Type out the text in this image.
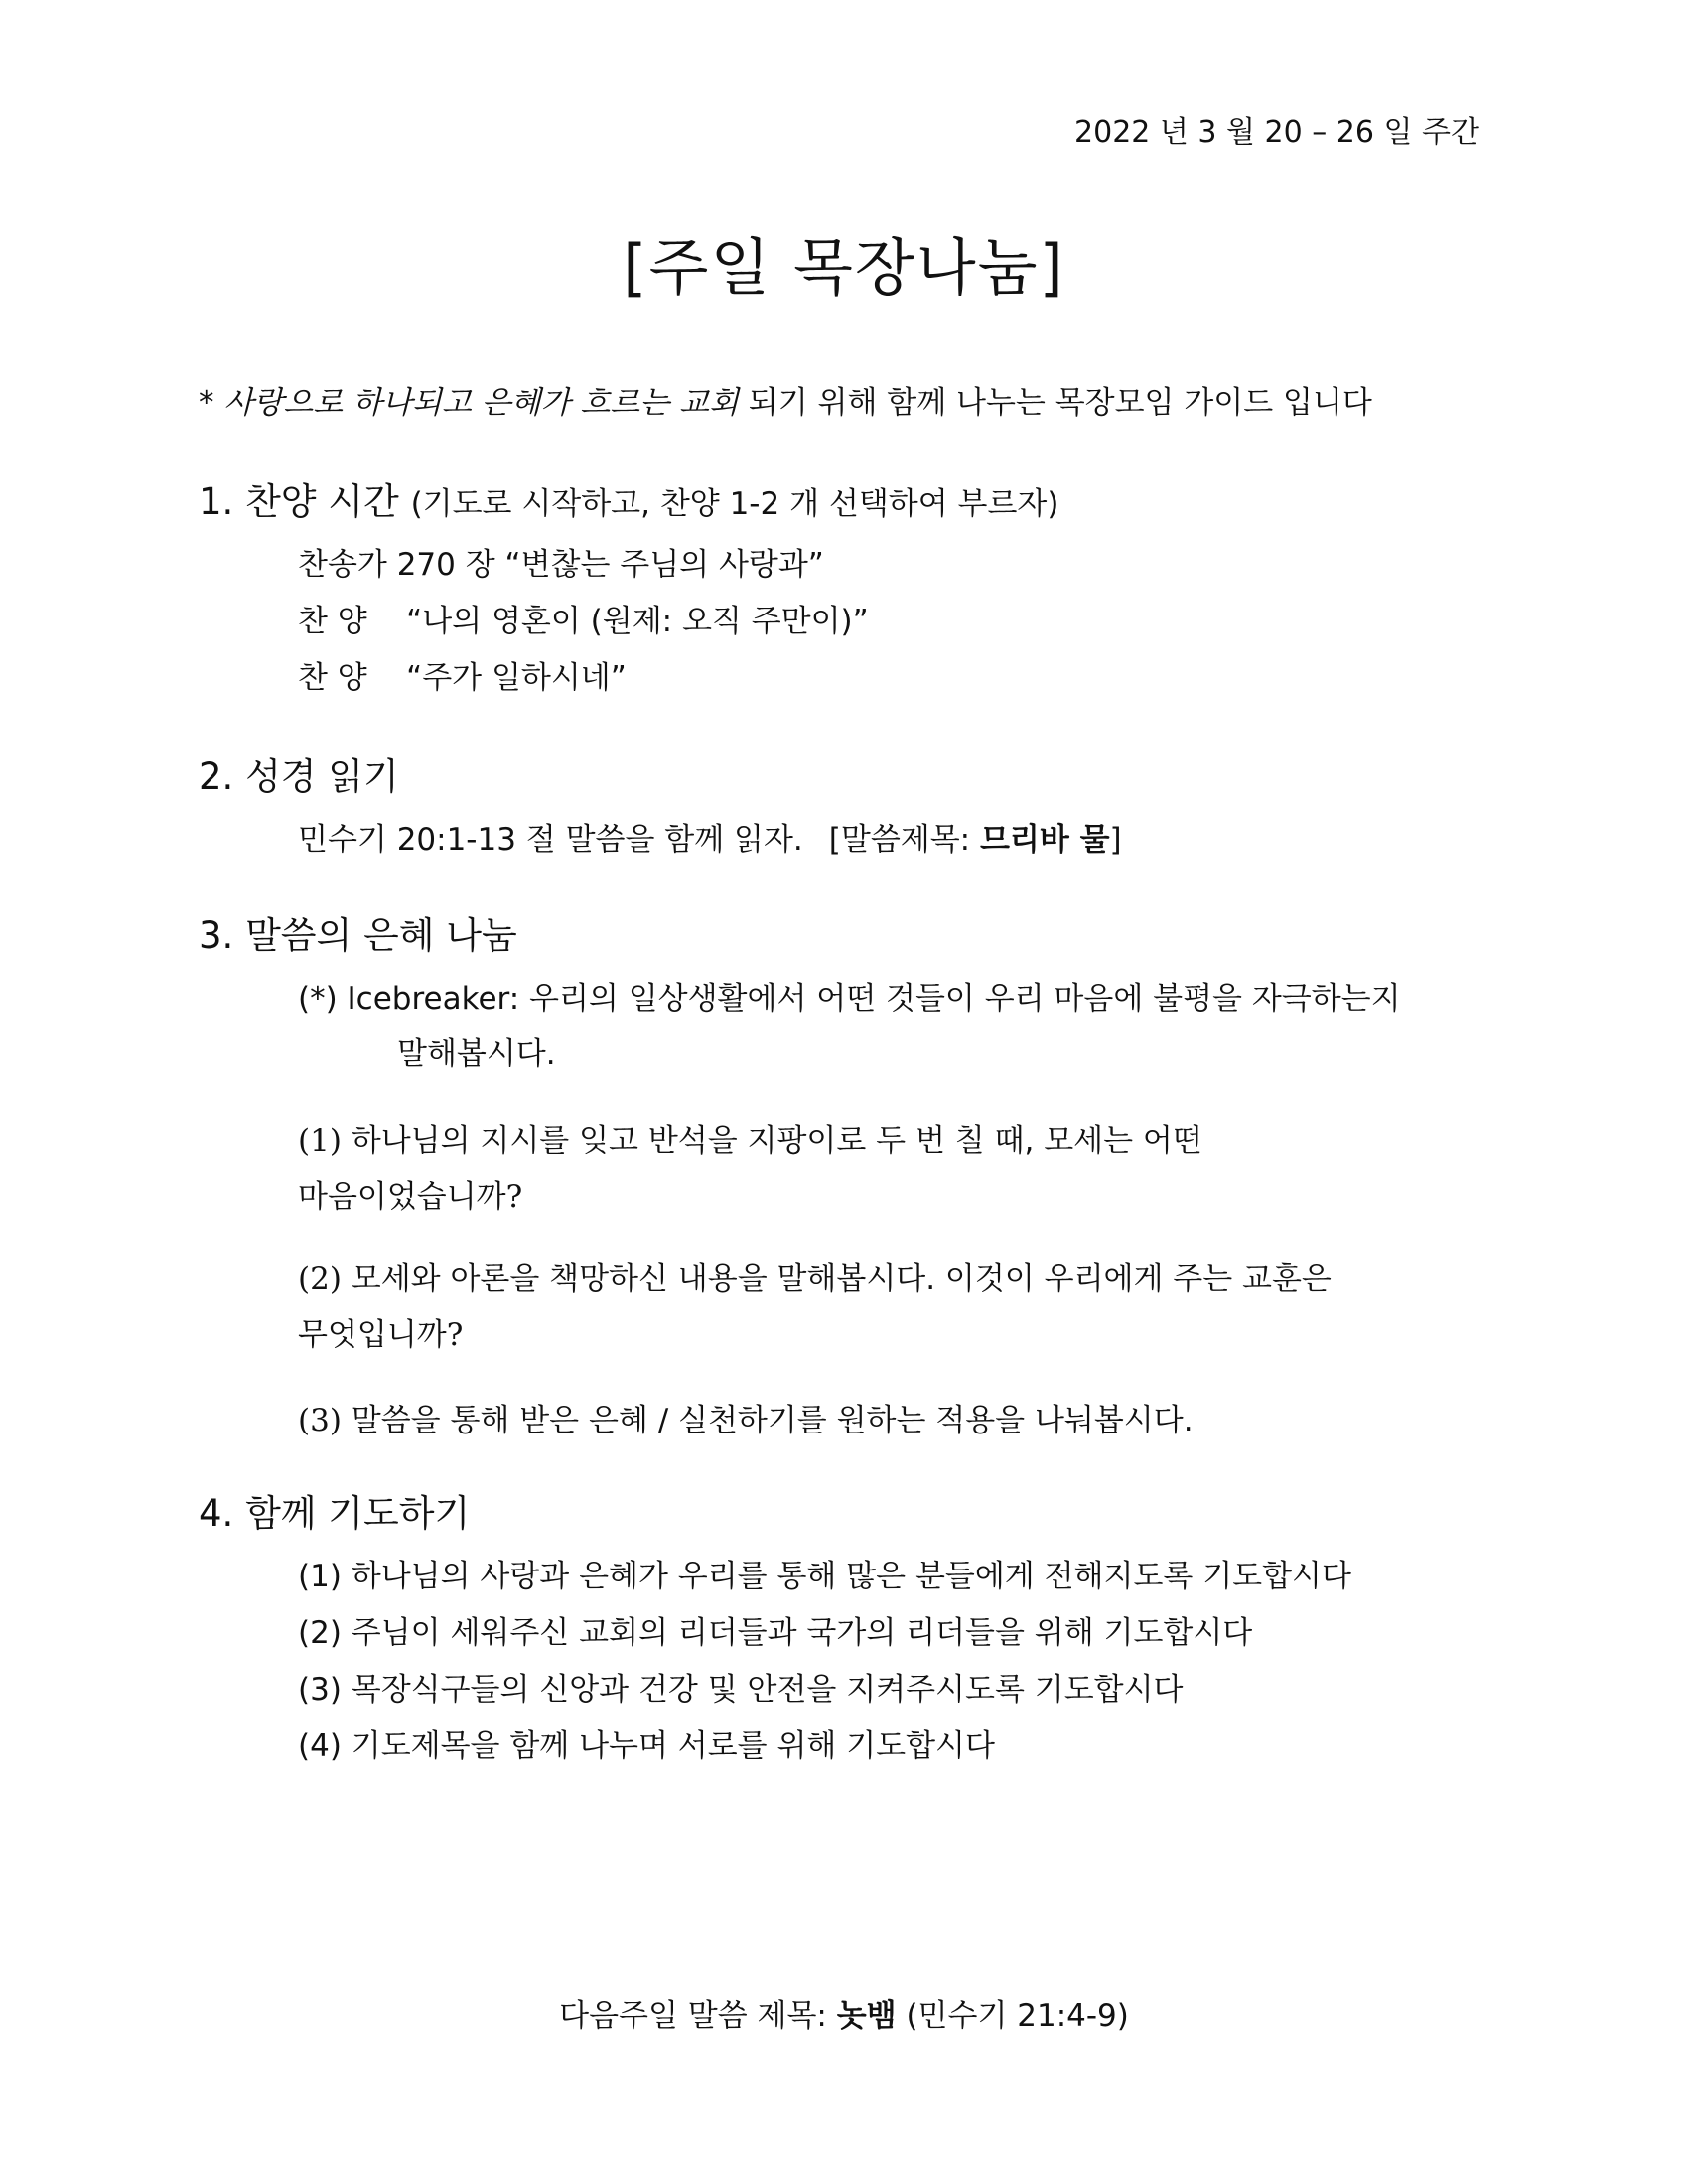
2022 년 3 월 20 – 26 일 주간
[주일 목장나눔]
* 사랑으로 하나되고 은혜가 흐르는 교회 되기 위해 함께 나누는 목장모임 가이드 입니다
1. 찬양 시간 (기도로 시작하고, 찬양 1-2 개 선택하여 부르자)
찬송가 270 장 “변찮는 주님의 사랑과”
찬 양    “나의 영혼이 (원제: 오직 주만이)”
찬 양    “주가 일하시네”
2. 성경 읽기
민수기 20:1-13 절 말씀을 함께 읽자. [말씀제목: 므리바 물]
3. 말씀의 은혜 나눔
(*) Icebreaker: 우리의 일상생활에서 어떤 것들이 우리 마음에 불평을 자극하는지
말해봅시다.
(1) 하나님의 지시를 잊고 반석을 지팡이로 두 번 칠 때, 모세는 어떤
마음이었습니까?
(2) 모세와 아론을 책망하신 내용을 말해봅시다. 이것이 우리에게 주는 교훈은
무엇입니까?
(3) 말씀을 통해 받은 은혜 / 실천하기를 원하는 적용을 나눠봅시다.
4. 함께 기도하기
(1) 하나님의 사랑과 은혜가 우리를 통해 많은 분들에게 전해지도록 기도합시다
(2) 주님이 세워주신 교회의 리더들과 국가의 리더들을 위해 기도합시다
(3) 목장식구들의 신앙과 건강 및 안전을 지켜주시도록 기도합시다
(4) 기도제목을 함께 나누며 서로를 위해 기도합시다
다음주일 말씀 제목: 놋뱀 (민수기 21:4-9)
